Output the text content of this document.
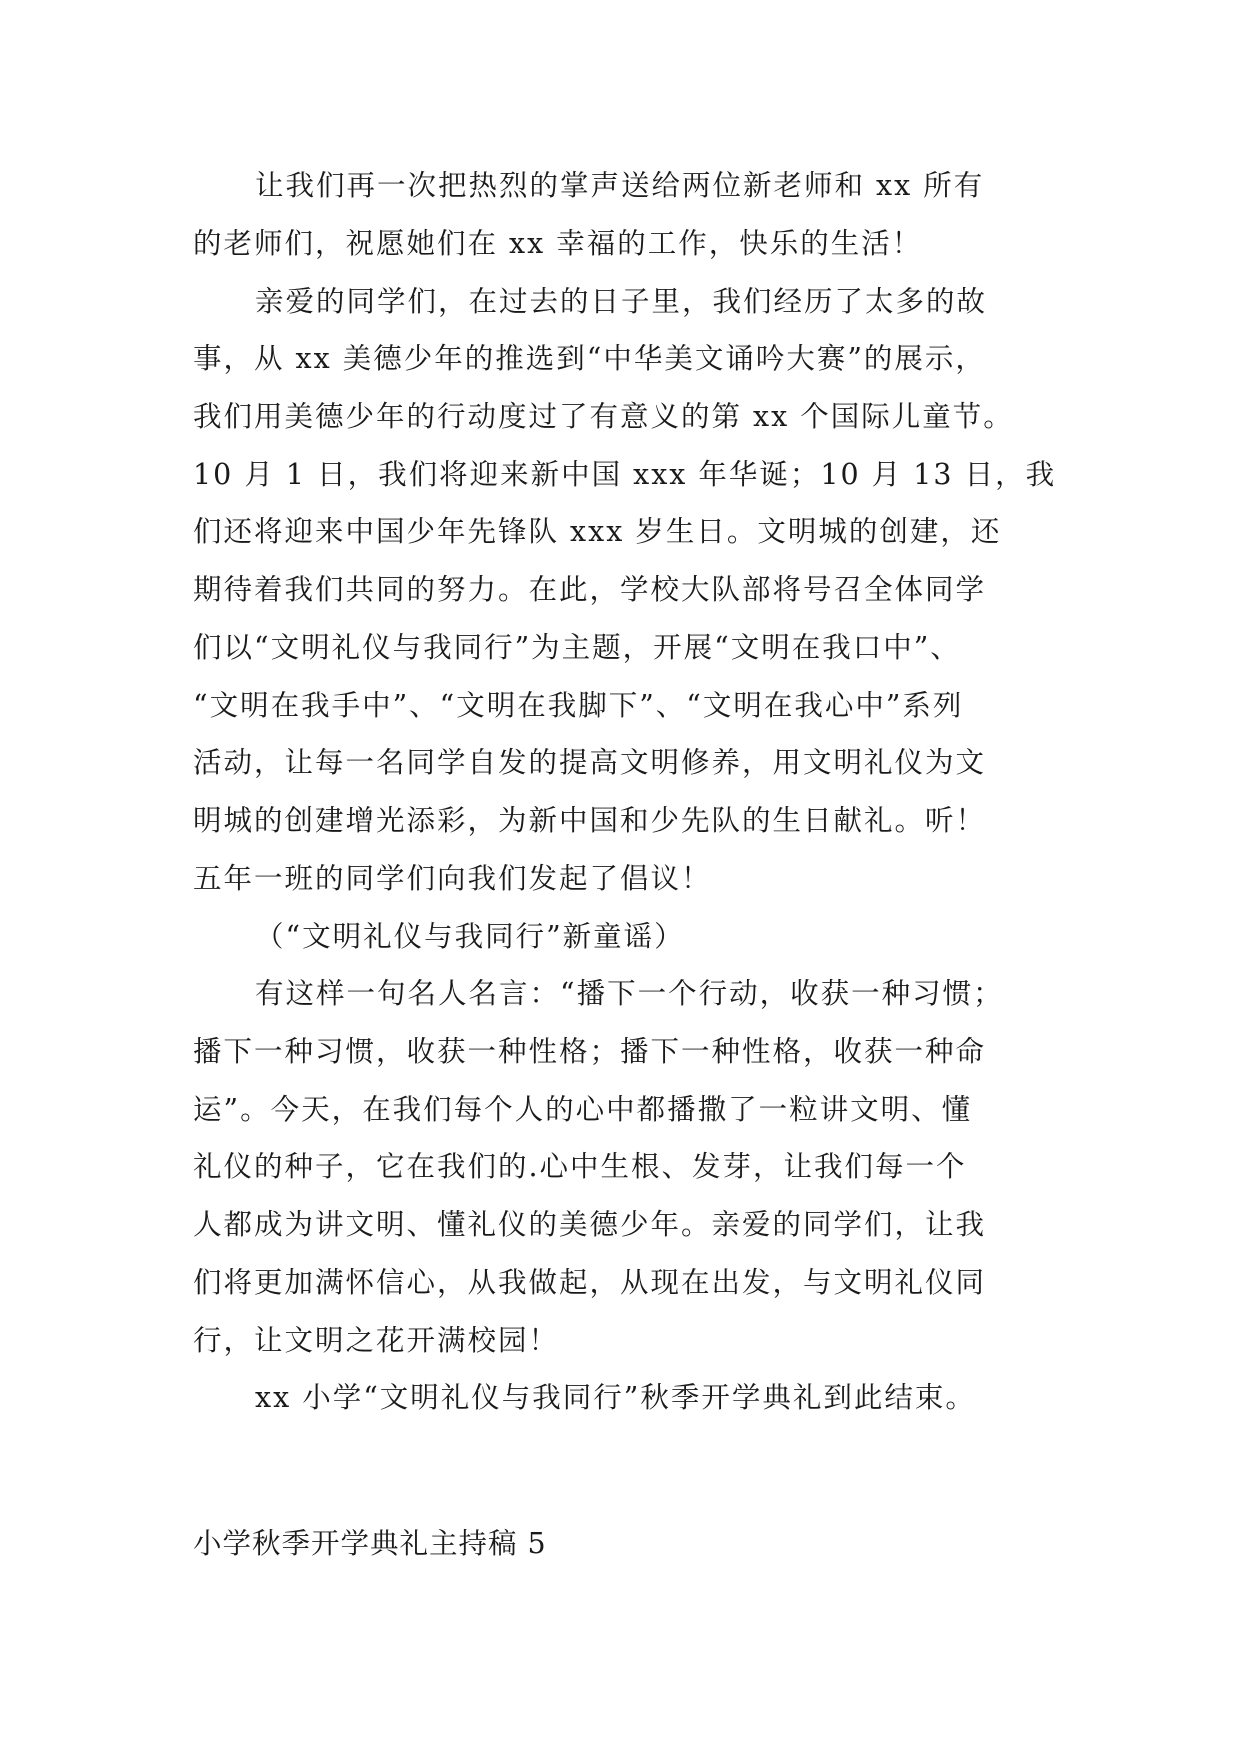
让我们再一次把热烈的掌声送给两位新老师和 xx 所有
的老师们，祝愿她们在 xx 幸福的工作，快乐的生活！
亲爱的同学们，在过去的日子里，我们经历了太多的故
事，从 xx 美德少年的推选到“中华美文诵吟大赛”的展示，
我们用美德少年的行动度过了有意义的第 xx 个国际儿童节。
10 月 1 日，我们将迎来新中国 xxx 年华诞；10 月 13 日，我
们还将迎来中国少年先锋队 xxx 岁生日。文明城的创建，还
期待着我们共同的努力。在此，学校大队部将号召全体同学
们以“文明礼仪与我同行”为主题，开展“文明在我口中”、
“文明在我手中”、“文明在我脚下”、“文明在我心中”系列
活动，让每一名同学自发的提高文明修养，用文明礼仪为文
明城的创建增光添彩，为新中国和少先队的生日献礼。听！
五年一班的同学们向我们发起了倡议！
（“文明礼仪与我同行”新童谣）
有这样一句名人名言：“播下一个行动，收获一种习惯；
播下一种习惯，收获一种性格；播下一种性格，收获一种命
运”。今天，在我们每个人的心中都播撒了一粒讲文明、懂
礼仪的种子，它在我们的.心中生根、发芽，让我们每一个
人都成为讲文明、懂礼仪的美德少年。亲爱的同学们，让我
们将更加满怀信心，从我做起，从现在出发，与文明礼仪同
行，让文明之花开满校园！
xx 小学“文明礼仪与我同行”秋季开学典礼到此结束。
小学秋季开学典礼主持稿 5
